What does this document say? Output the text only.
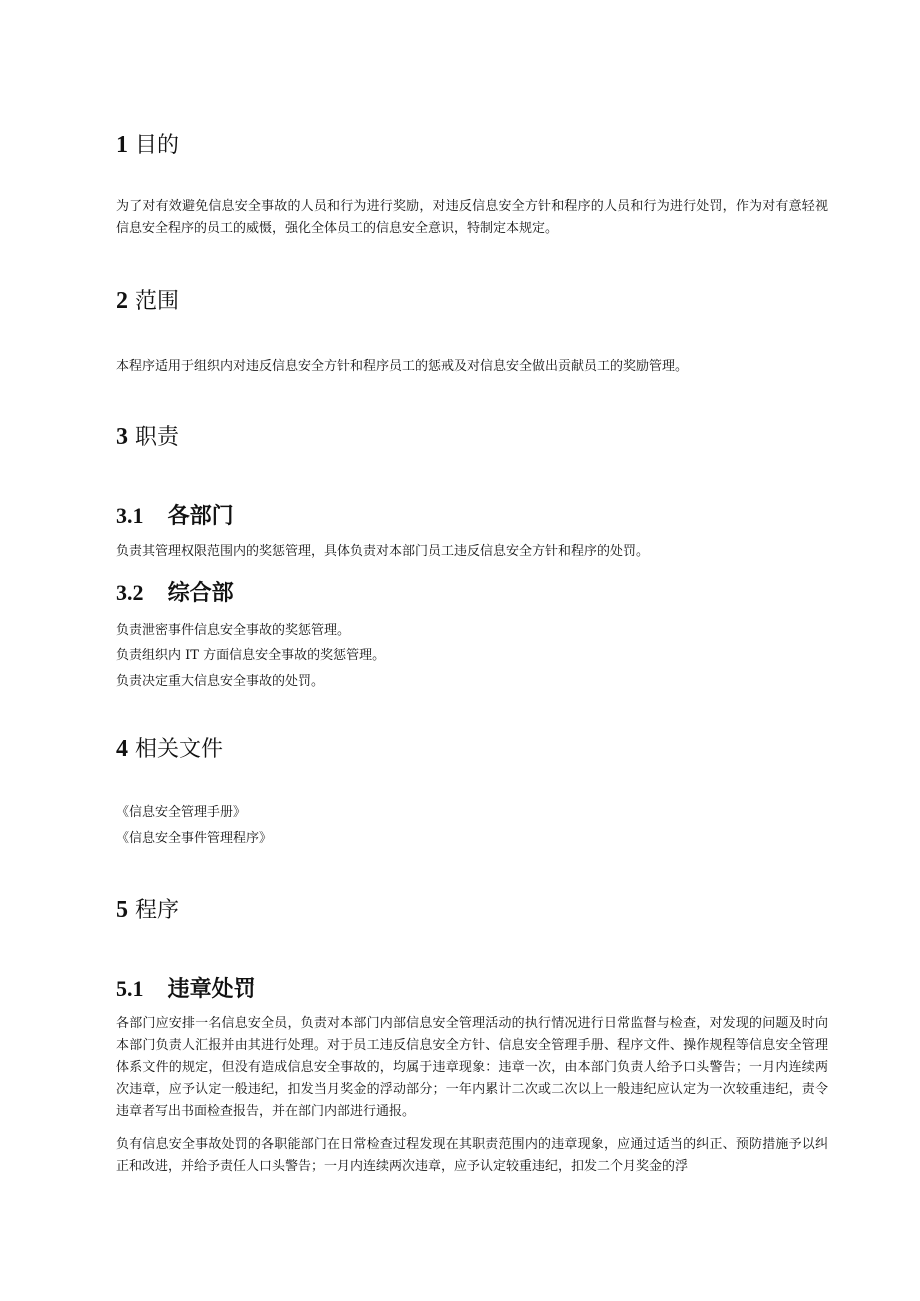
1 目的

为了对有效避免信息安全事故的人员和行为进行奖励，对违反信息安全方针和程序的人员和行为进行处罚，作为对有意轻视信息安全程序的员工的威慑，强化全体员工的信息安全意识，特制定本规定。

2 范围

本程序适用于组织内对违反信息安全方针和程序员工的惩戒及对信息安全做出贡献员工的奖励管理。

3 职责
3.1 各部门

负责其管理权限范围内的奖惩管理，具体负责对本部门员工违反信息安全方针和程序的处罚。

3.2 综合部

负责泄密事件信息安全事故的奖惩管理。

负责组织内 IT 方面信息安全事故的奖惩管理。

负责决定重大信息安全事故的处罚。

4 相关文件

《信息安全管理手册》

《信息安全事件管理程序》

5 程序
5.1 违章处罚

各部门应安排一名信息安全员，负责对本部门内部信息安全管理活动的执行情况进行日常监督与检查，对发现的问题及时向本部门负责人汇报并由其进行处理。对于员工违反信息安全方针、信息安全管理手册、程序文件、操作规程等信息安全管理体系文件的规定，但没有造成信息安全事故的，均属于违章现象：违章一次，由本部门负责人给予口头警告；一月内连续两次违章，应予认定一般违纪，扣发当月奖金的浮动部分；一年内累计二次或二次以上一般违纪应认定为一次较重违纪，责令违章者写出书面检查报告，并在部门内部进行通报。

负有信息安全事故处罚的各职能部门在日常检查过程发现在其职责范围内的违章现象，应通过适当的纠正、预防措施予以纠正和改进，并给予责任人口头警告；一月内连续两次违章，应予认定较重违纪，扣发二个月奖金的浮
